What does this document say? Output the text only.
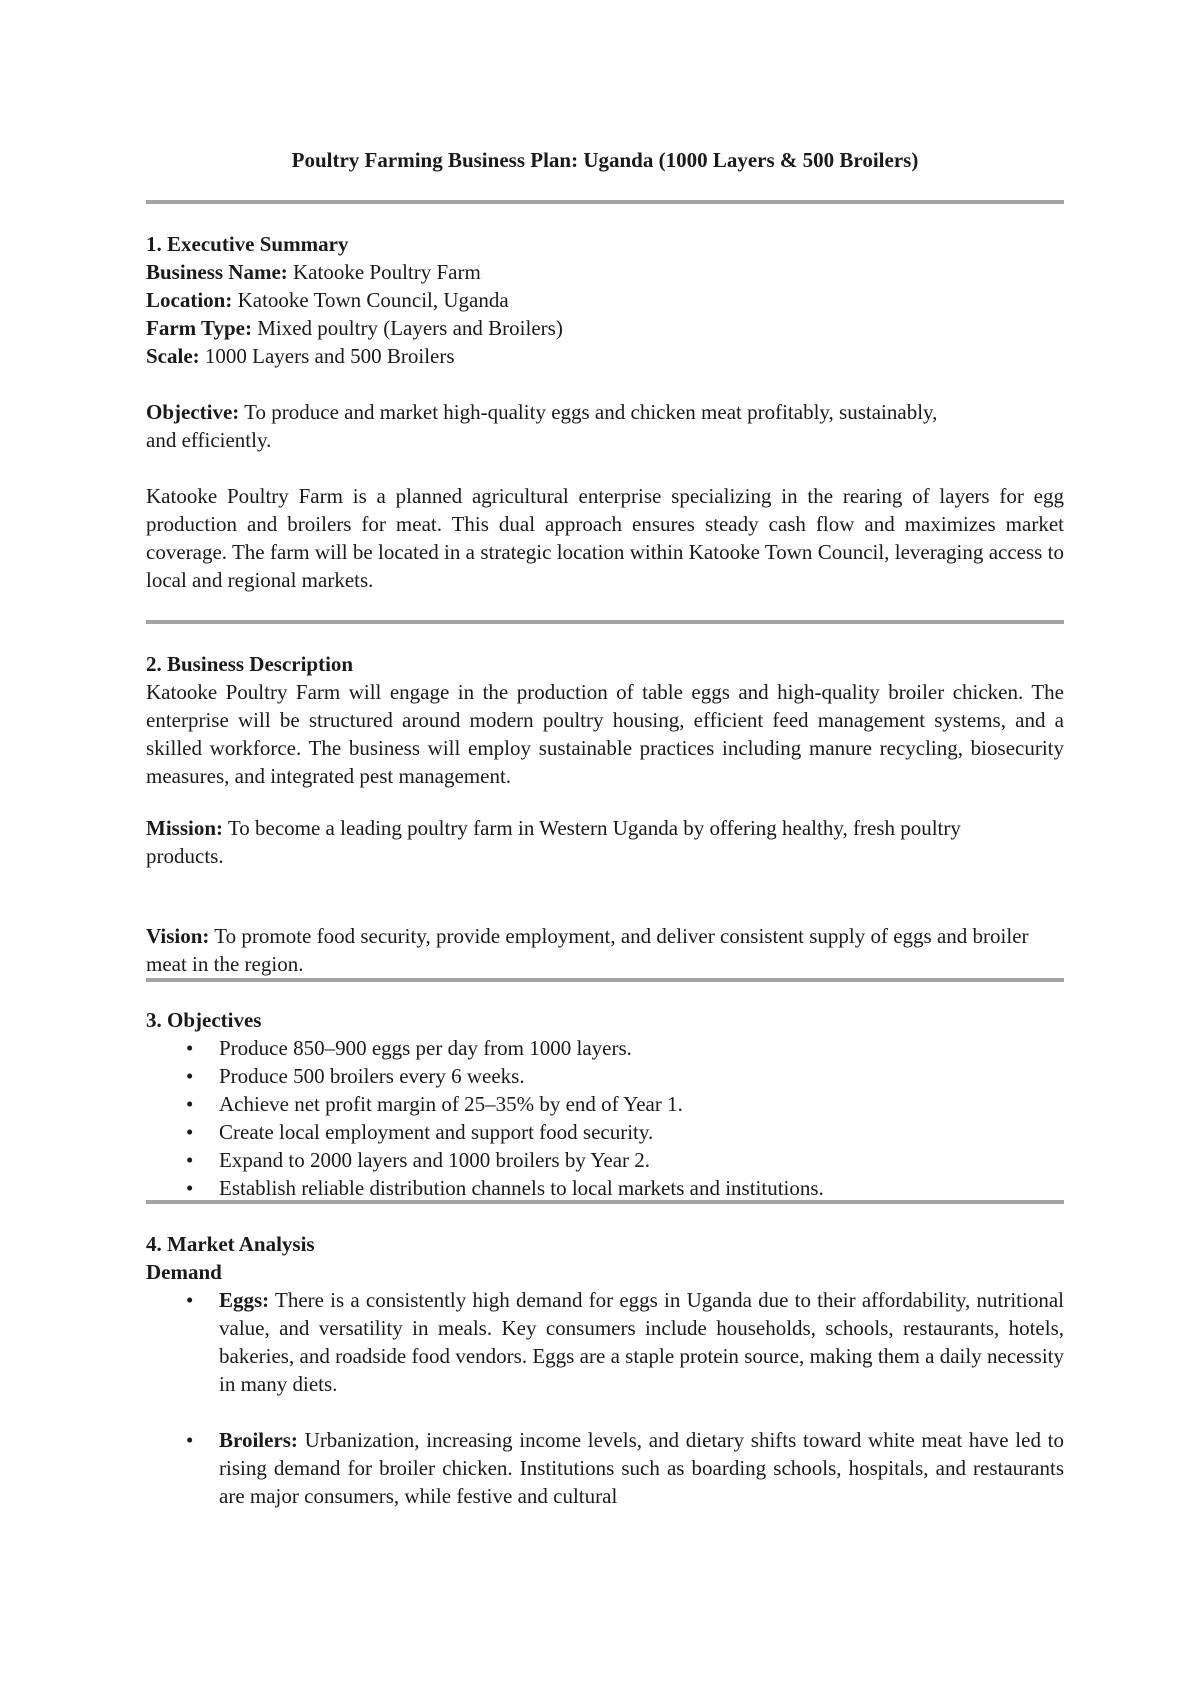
Poultry Farming Business Plan: Uganda (1000 Layers & 500 Broilers)
1. Executive Summary
Business Name: Katooke Poultry Farm
Location: Katooke Town Council, Uganda
Farm Type: Mixed poultry (Layers and Broilers)
Scale: 1000 Layers and 500 Broilers
Objective: To produce and market high-quality eggs and chicken meat profitably, sustainably, and efficiently.
Katooke Poultry Farm is a planned agricultural enterprise specializing in the rearing of layers for egg production and broilers for meat. This dual approach ensures steady cash flow and maximizes market coverage. The farm will be located in a strategic location within Katooke Town Council, leveraging access to local and regional markets.
2. Business Description
Katooke Poultry Farm will engage in the production of table eggs and high-quality broiler chicken. The enterprise will be structured around modern poultry housing, efficient feed management systems, and a skilled workforce. The business will employ sustainable practices including manure recycling, biosecurity measures, and integrated pest management.
Mission: To become a leading poultry farm in Western Uganda by offering healthy, fresh poultry products.
Vision: To promote food security, provide employment, and deliver consistent supply of eggs and broiler meat in the region.
3. Objectives
• Produce 850–900 eggs per day from 1000 layers.
• Produce 500 broilers every 6 weeks.
• Achieve net profit margin of 25–35% by end of Year 1.
• Create local employment and support food security.
• Expand to 2000 layers and 1000 broilers by Year 2.
• Establish reliable distribution channels to local markets and institutions.
4. Market Analysis
Demand
• Eggs: There is a consistently high demand for eggs in Uganda due to their affordability, nutritional value, and versatility in meals. Key consumers include households, schools, restaurants, hotels, bakeries, and roadside food vendors. Eggs are a staple protein source, making them a daily necessity in many diets.
• Broilers: Urbanization, increasing income levels, and dietary shifts toward white meat have led to rising demand for broiler chicken. Institutions such as boarding schools, hospitals, and restaurants are major consumers, while festive and cultural
